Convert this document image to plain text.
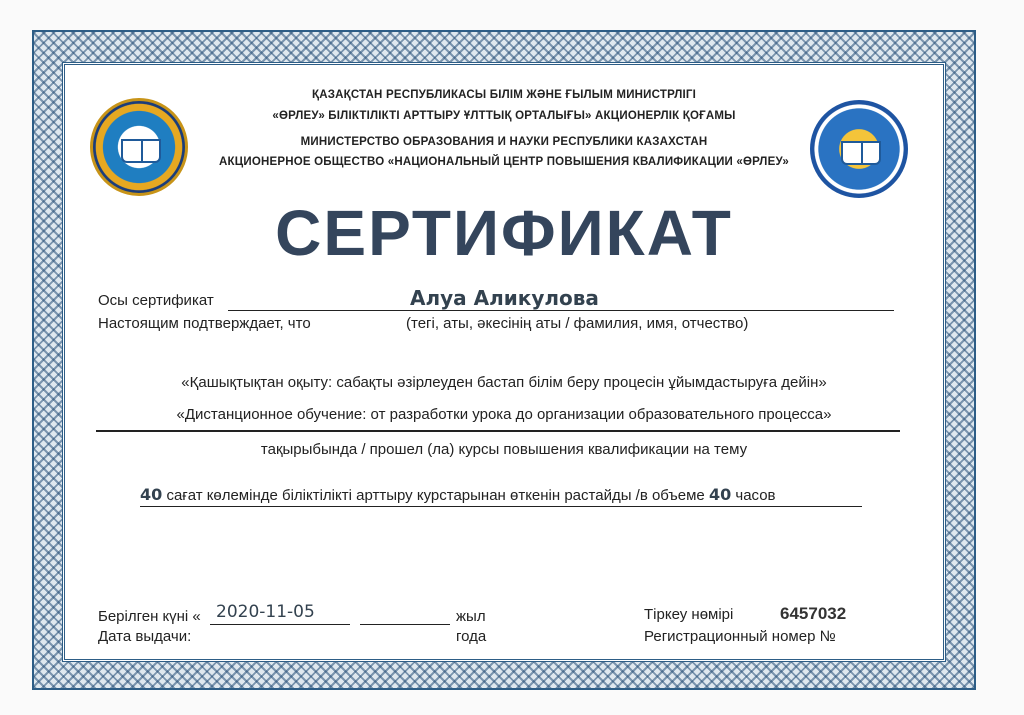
ҚАЗАҚСТАН РЕСПУБЛИКАСЫ БІЛІМ ЖӘНЕ ҒЫЛЫМ МИНИСТРЛІГІ
«ӨРЛЕУ» БІЛІКТІЛІКТІ АРТТЫРУ ҰЛТТЫҚ ОРТАЛЫҒЫ» АКЦИОНЕРЛІК ҚОҒАМЫ
МИНИСТЕРСТВО ОБРАЗОВАНИЯ И НАУКИ РЕСПУБЛИКИ КАЗАХСТАН
АКЦИОНЕРНОЕ ОБЩЕСТВО «НАЦИОНАЛЬНЫЙ ЦЕНТР ПОВЫШЕНИЯ КВАЛИФИКАЦИИ «ӨРЛЕУ»
СЕРТИФИКАТ
Осы сертификат	Алуа Аликулова
Настоящим подтверждает, что	(тегі, аты, әкесінің аты / фамилия, имя, отчество)
«Қашықтықтан оқыту: сабақты әзірлеуден бастап білім беру процесін ұйымдастыруға дейін»
«Дистанционное обучение: от разработки урока до организации образовательного процесса»
тақырыбында / прошел (ла) курсы повышения квалификации на тему
40 сағат көлемінде біліктілікті арттыру курстарынан өткенін растайды /в объеме 40 часов
Берілген күні « 2020-11-05	жыл
Дата выдачи:	года
Тіркеу нөмірі	6457032
Регистрационный номер №
